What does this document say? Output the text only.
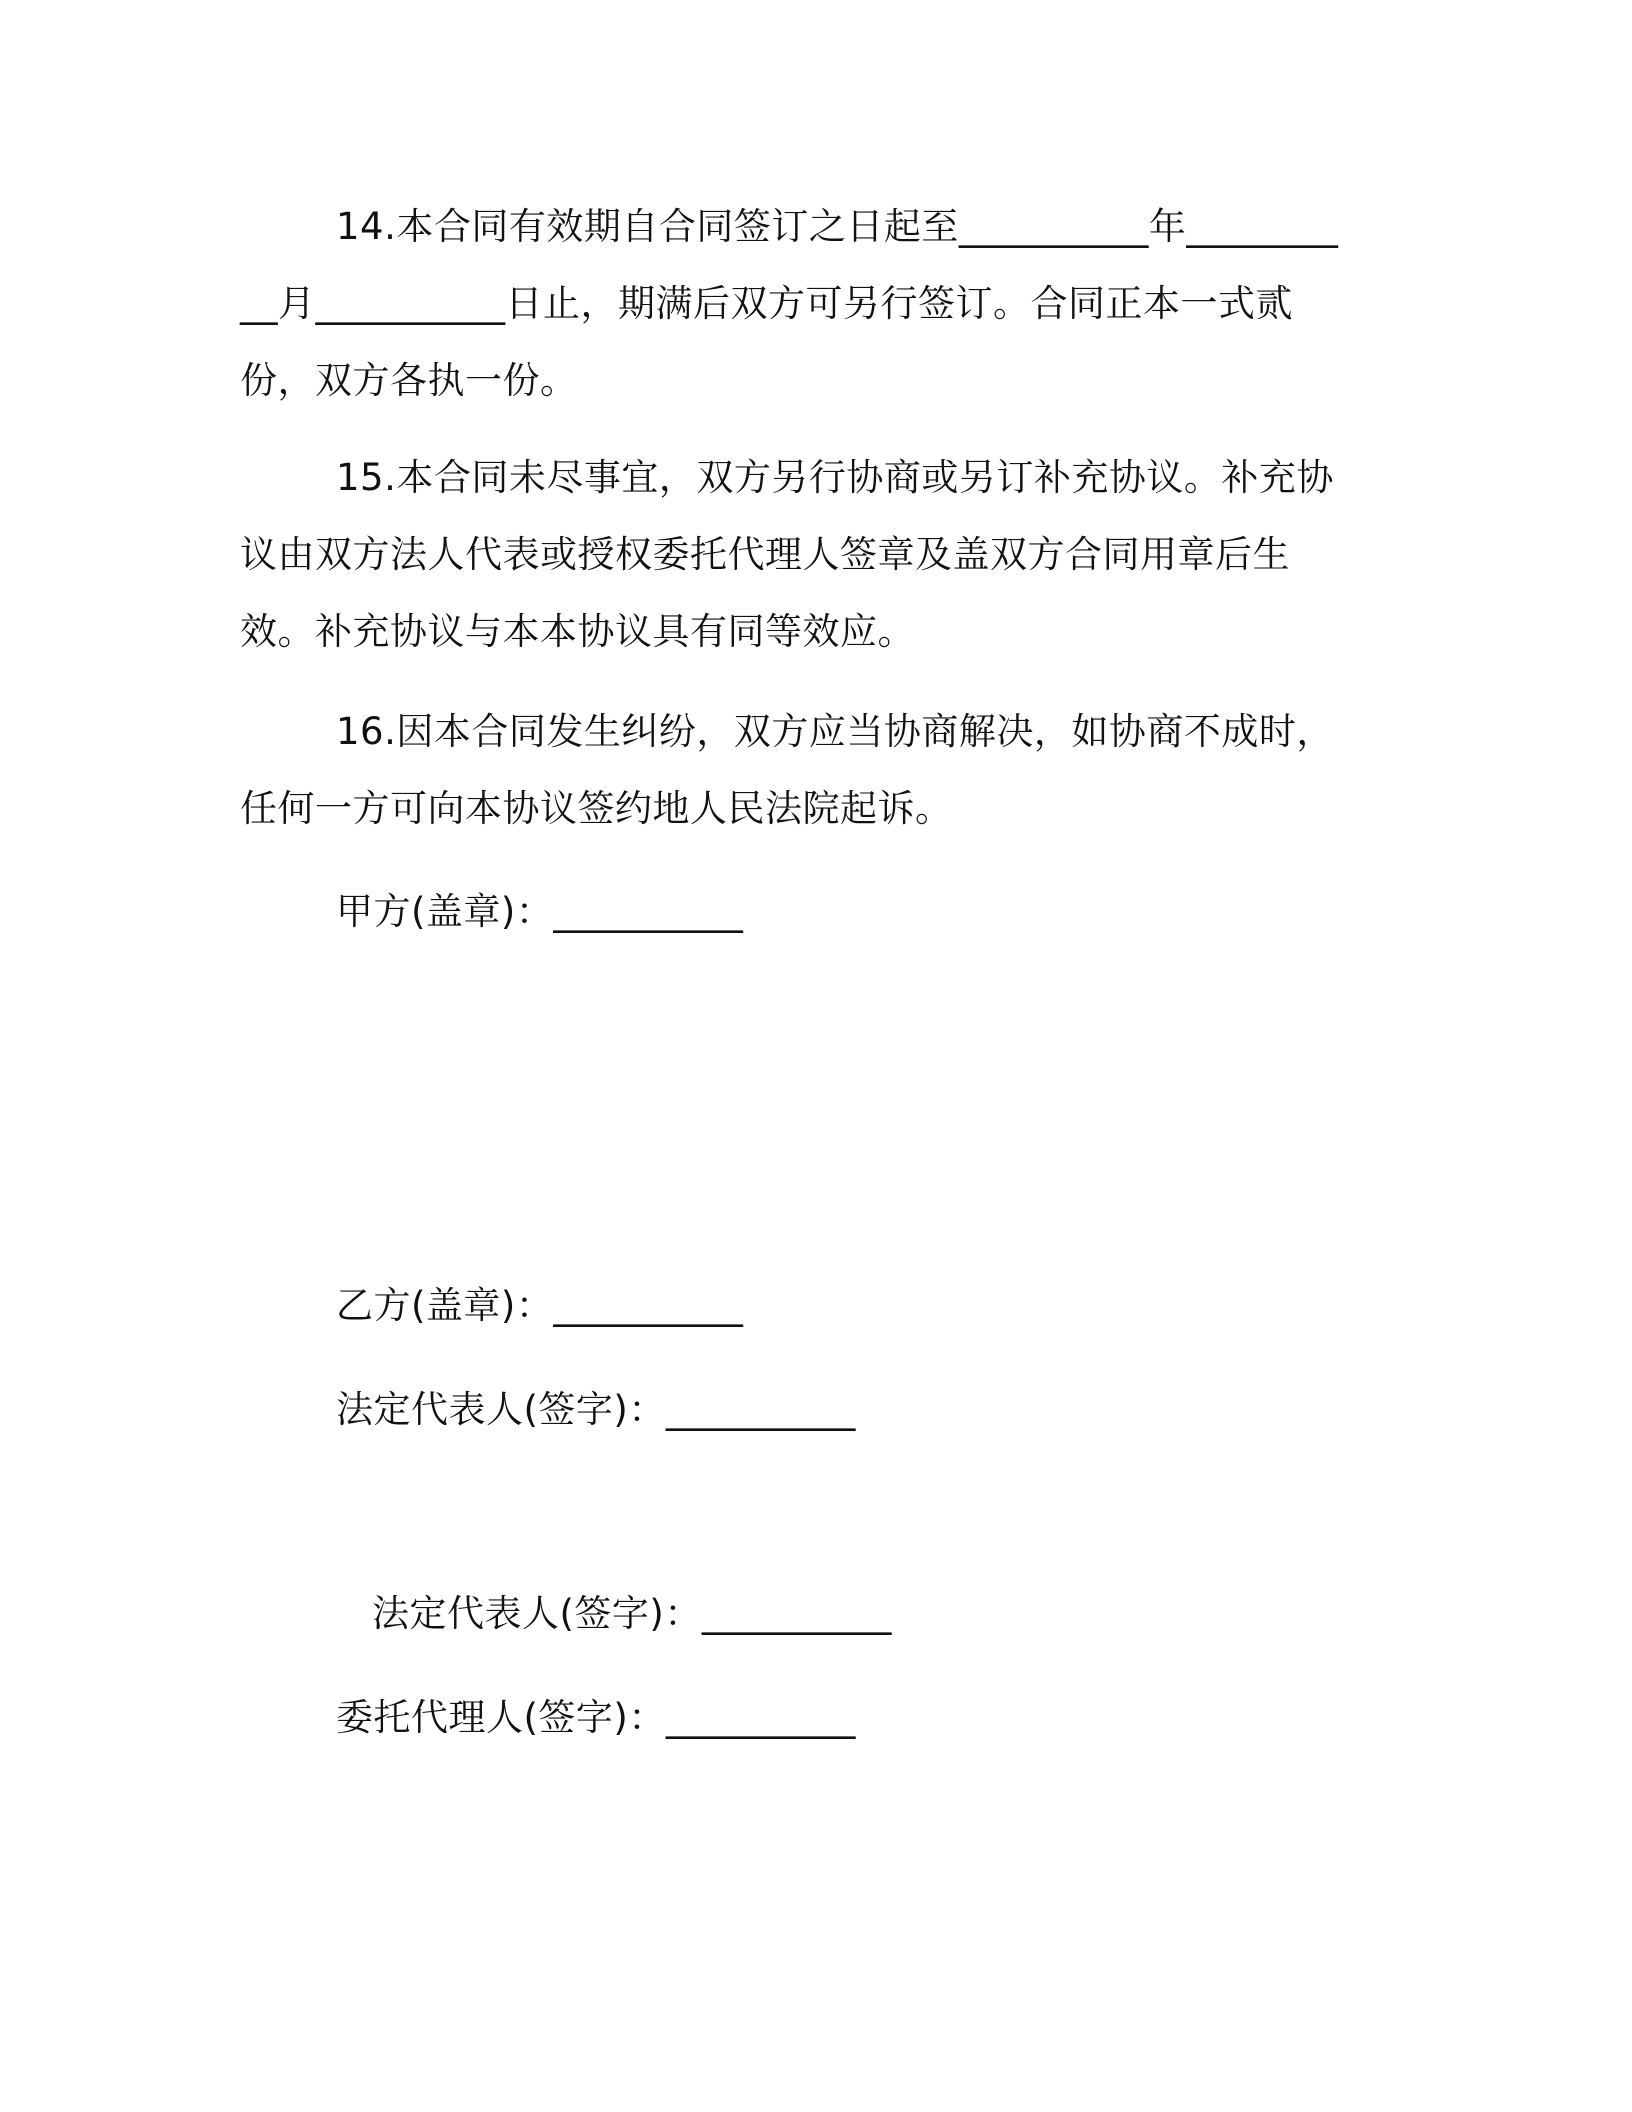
14.本合同有效期自合同签订之日起至__________年__________月__________日止，期满后双方可另行签订。合同正本一式贰份，双方各执一份。

15.本合同未尽事宜，双方另行协商或另订补充协议。补充协议由双方法人代表或授权委托代理人签章及盖双方合同用章后生效。补充协议与本本协议具有同等效应。

16.因本合同发生纠纷，双方应当协商解决，如协商不成时，任何一方可向本协议签约地人民法院起诉。

甲方(盖章)：__________

乙方(盖章)：__________

法定代表人(签字)：__________

法定代表人(签字)：__________

委托代理人(签字)：__________
